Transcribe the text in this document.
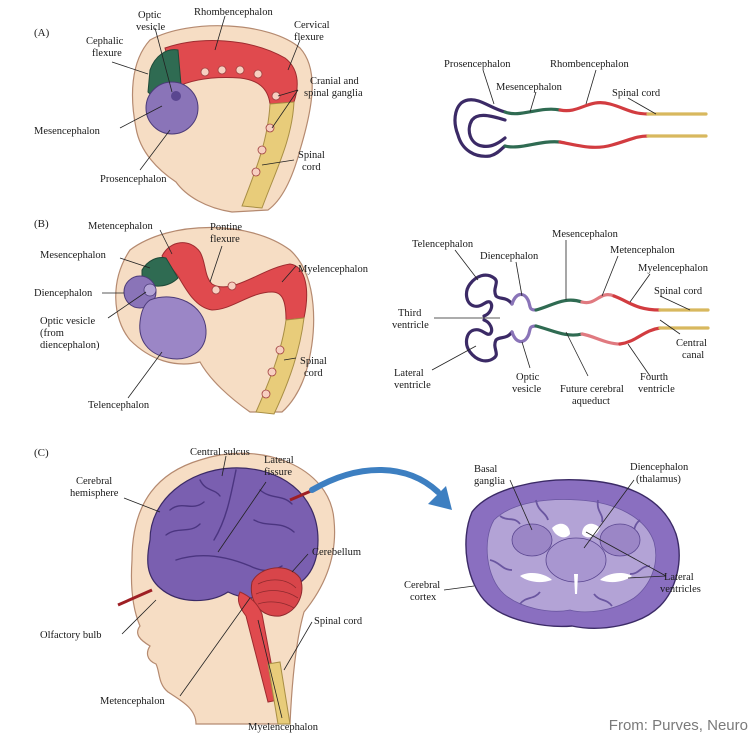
(A)
Optic
vesicle
Rhombencephalon
Cervical
flexure
Cephalic
flexure
Cranial and
spinal ganglia
Mesencephalon
Spinal
cord
Prosencephalon
Prosencephalon	Rhombencephalon
Mesencephalon
Spinal cord
(B)	Metencephalon	Pontine
flexure
Mesencephalon
Myelencephalon
Diencephalon
Optic vesicle
(from
diencephalon)
Spinal
cord
Telencephalon
Mesencephalon
Telencephalon
Metencephalon
Diencephalon
Myelencephalon
Spinal cord
Third
ventricle
Central
canal
Lateral
ventricle
Optic
vesicle
Fourth
ventricle
Future cerebral
aqueduct
(C)	Central sulcus
Lateral
fissure
Cerebral
hemisphere
Cerebellum
Spinal cord
Olfactory bulb
Metencephalon
Myelencephalon
Basal
ganglia
Diencephalon
(thalamus)
Lateral
ventricles
Cerebral
cortex
From: Purves, Neuro
